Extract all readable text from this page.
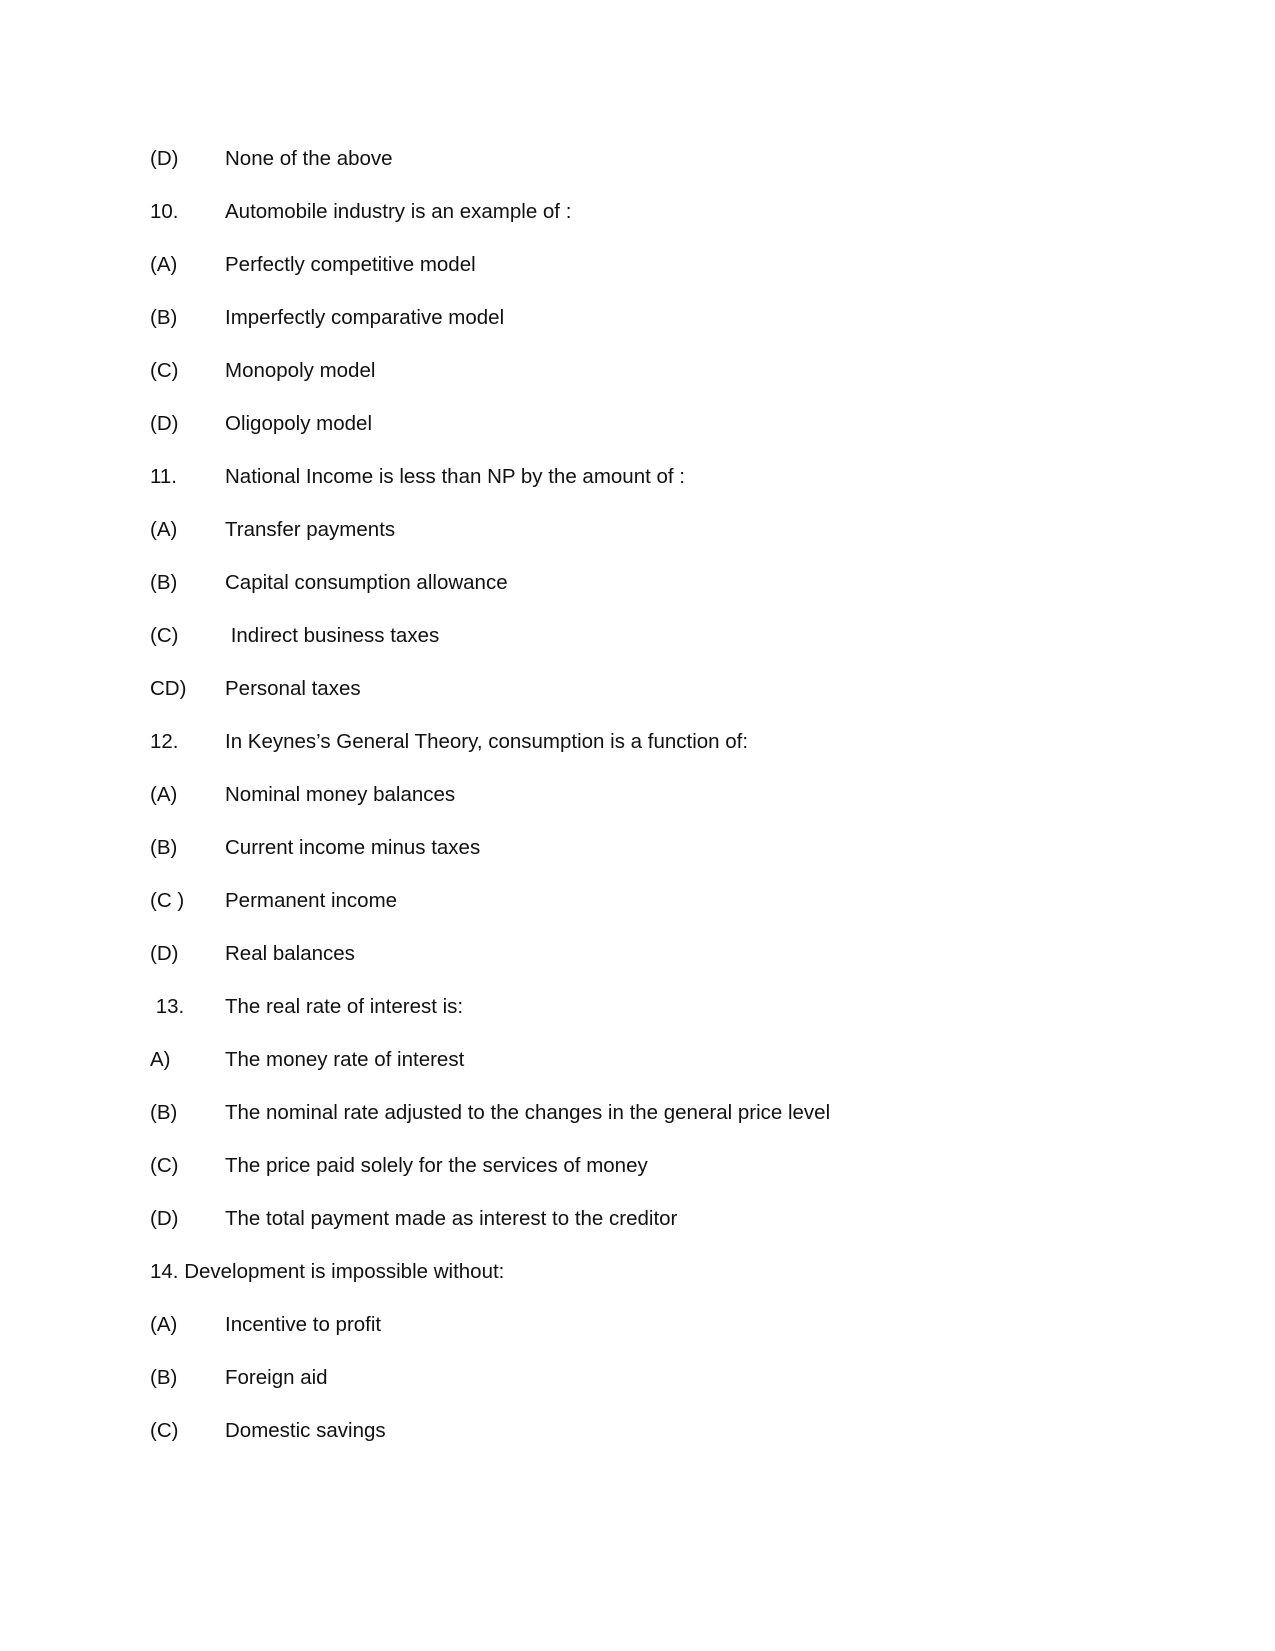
(D) None of the above
10. Automobile industry is an example of :
(A) Perfectly competitive model
(B) Imperfectly comparative model
(C) Monopoly model
(D) Oligopoly model
11. National Income is less than NP by the amount of :
(A) Transfer payments
(B) Capital consumption allowance
(C) Indirect business taxes
CD) Personal taxes
12. In Keynes’s General Theory, consumption is a function of:
(A) Nominal money balances
(B) Current income minus taxes
(C ) Permanent income
(D) Real balances
13. The real rate of interest is:
A)	The money rate of interest
(B) The nominal rate adjusted to the changes in the general price level
(C) The price paid solely for the services of money
(D) The total payment made as interest to the creditor
14. Development is impossible without:
(A) Incentive to profit
(B) Foreign aid
(C) Domestic savings
